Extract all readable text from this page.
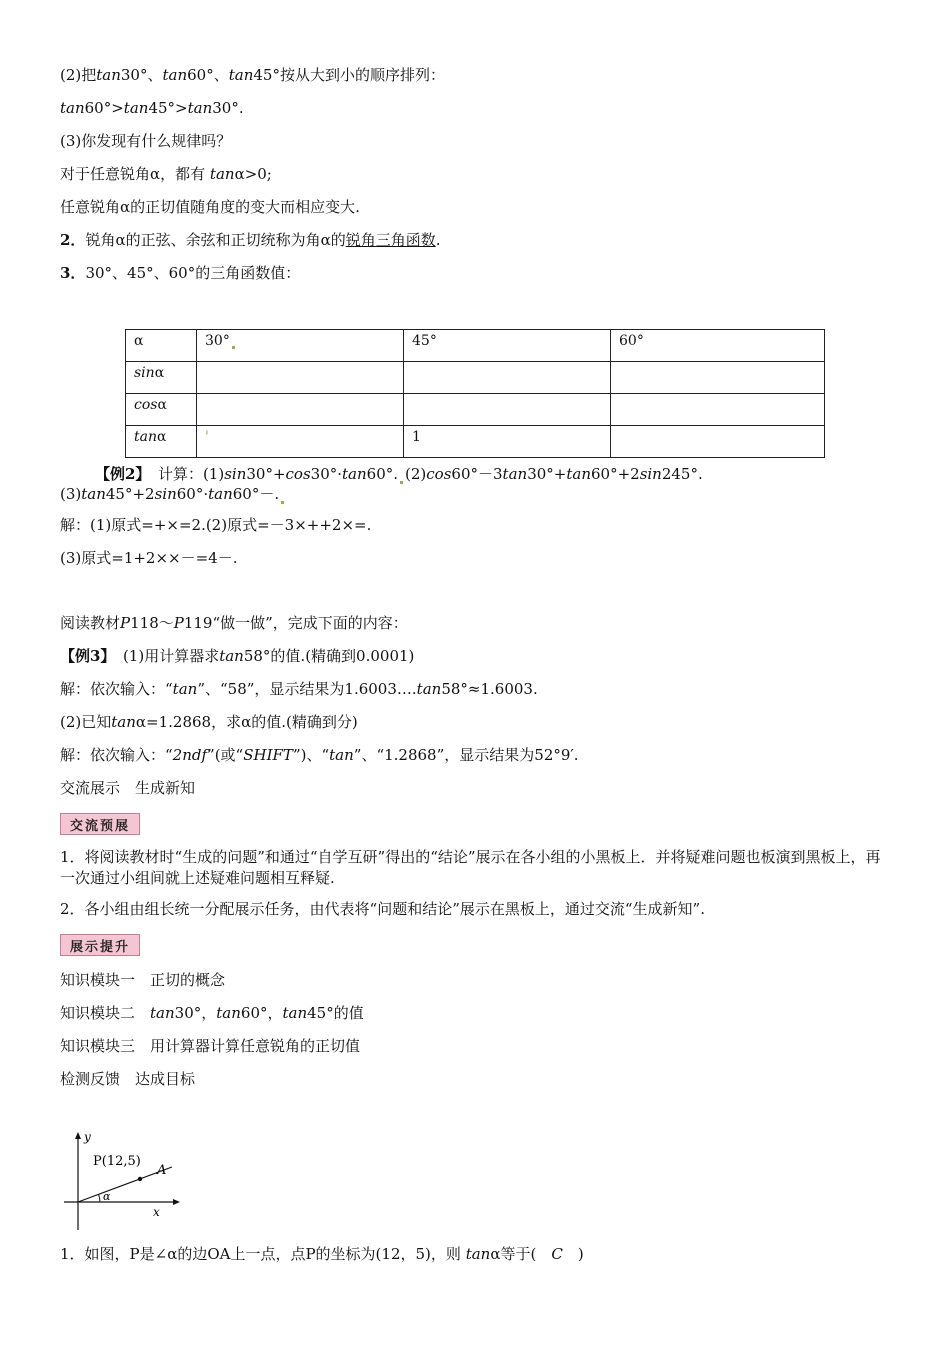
(2)把tan30°、tan60°、tan45°按从大到小的顺序排列：
tan60°>tan45°>tan30°.
(3)你发现有什么规律吗？
对于任意锐角α，都有 tanα>0;
任意锐角α的正切值随角度的变大而相应变大.
2．锐角α的正弦、余弦和正切统称为角α的锐角三角函数.
3．30°、45°、60°的三角函数值：
α	30°	45°	60°
sinα			
cosα			
tanα	'	1	
【例2】　 计算：(1)sin30°+cos30°·tan60°. (2)cos60°－3tan30°+tan60°+2sin245°.
(3)tan45°+2sin60°·tan60°－.
解：(1)原式=+×=2.(2)原式=－3×++2×=.
(3)原式=1+2××－=4－.
阅读教材P118～P119“做一做”，完成下面的内容：
【例3】　 (1)用计算器求tan58°的值.(精确到0.0001)
解：依次输入：“tan”、“58”，显示结果为1.6003….tan58°≈1.6003.
(2)已知tanα=1.2868，求α的值.(精确到分)
解：依次输入：“2ndf”(或“SHIFT”)、“tan”、“1.2868”，显示结果为52°9′.
交流展示　生成新知
交流预展
1．将阅读教材时“生成的问题”和通过“自学互研”得出的“结论”展示在各小组的小黑板上．并将疑难问题也板演到黑板上，再一次通过小组间就上述疑难问题相互释疑.
2．各小组由组长统一分配展示任务，由代表将“问题和结论”展示在黑板上，通过交流“生成新知”.
展示提升
知识模块一　正切的概念
知识模块二　 tan30°，tan60°，tan45°的值
知识模块三　用计算器计算任意锐角的正切值
检测反馈　达成目标
y
x
P(12,5)
A
α
1．如图，P是∠α的边OA上一点，点P的坐标为(12，5)，则 tanα等于(　 C　 )
